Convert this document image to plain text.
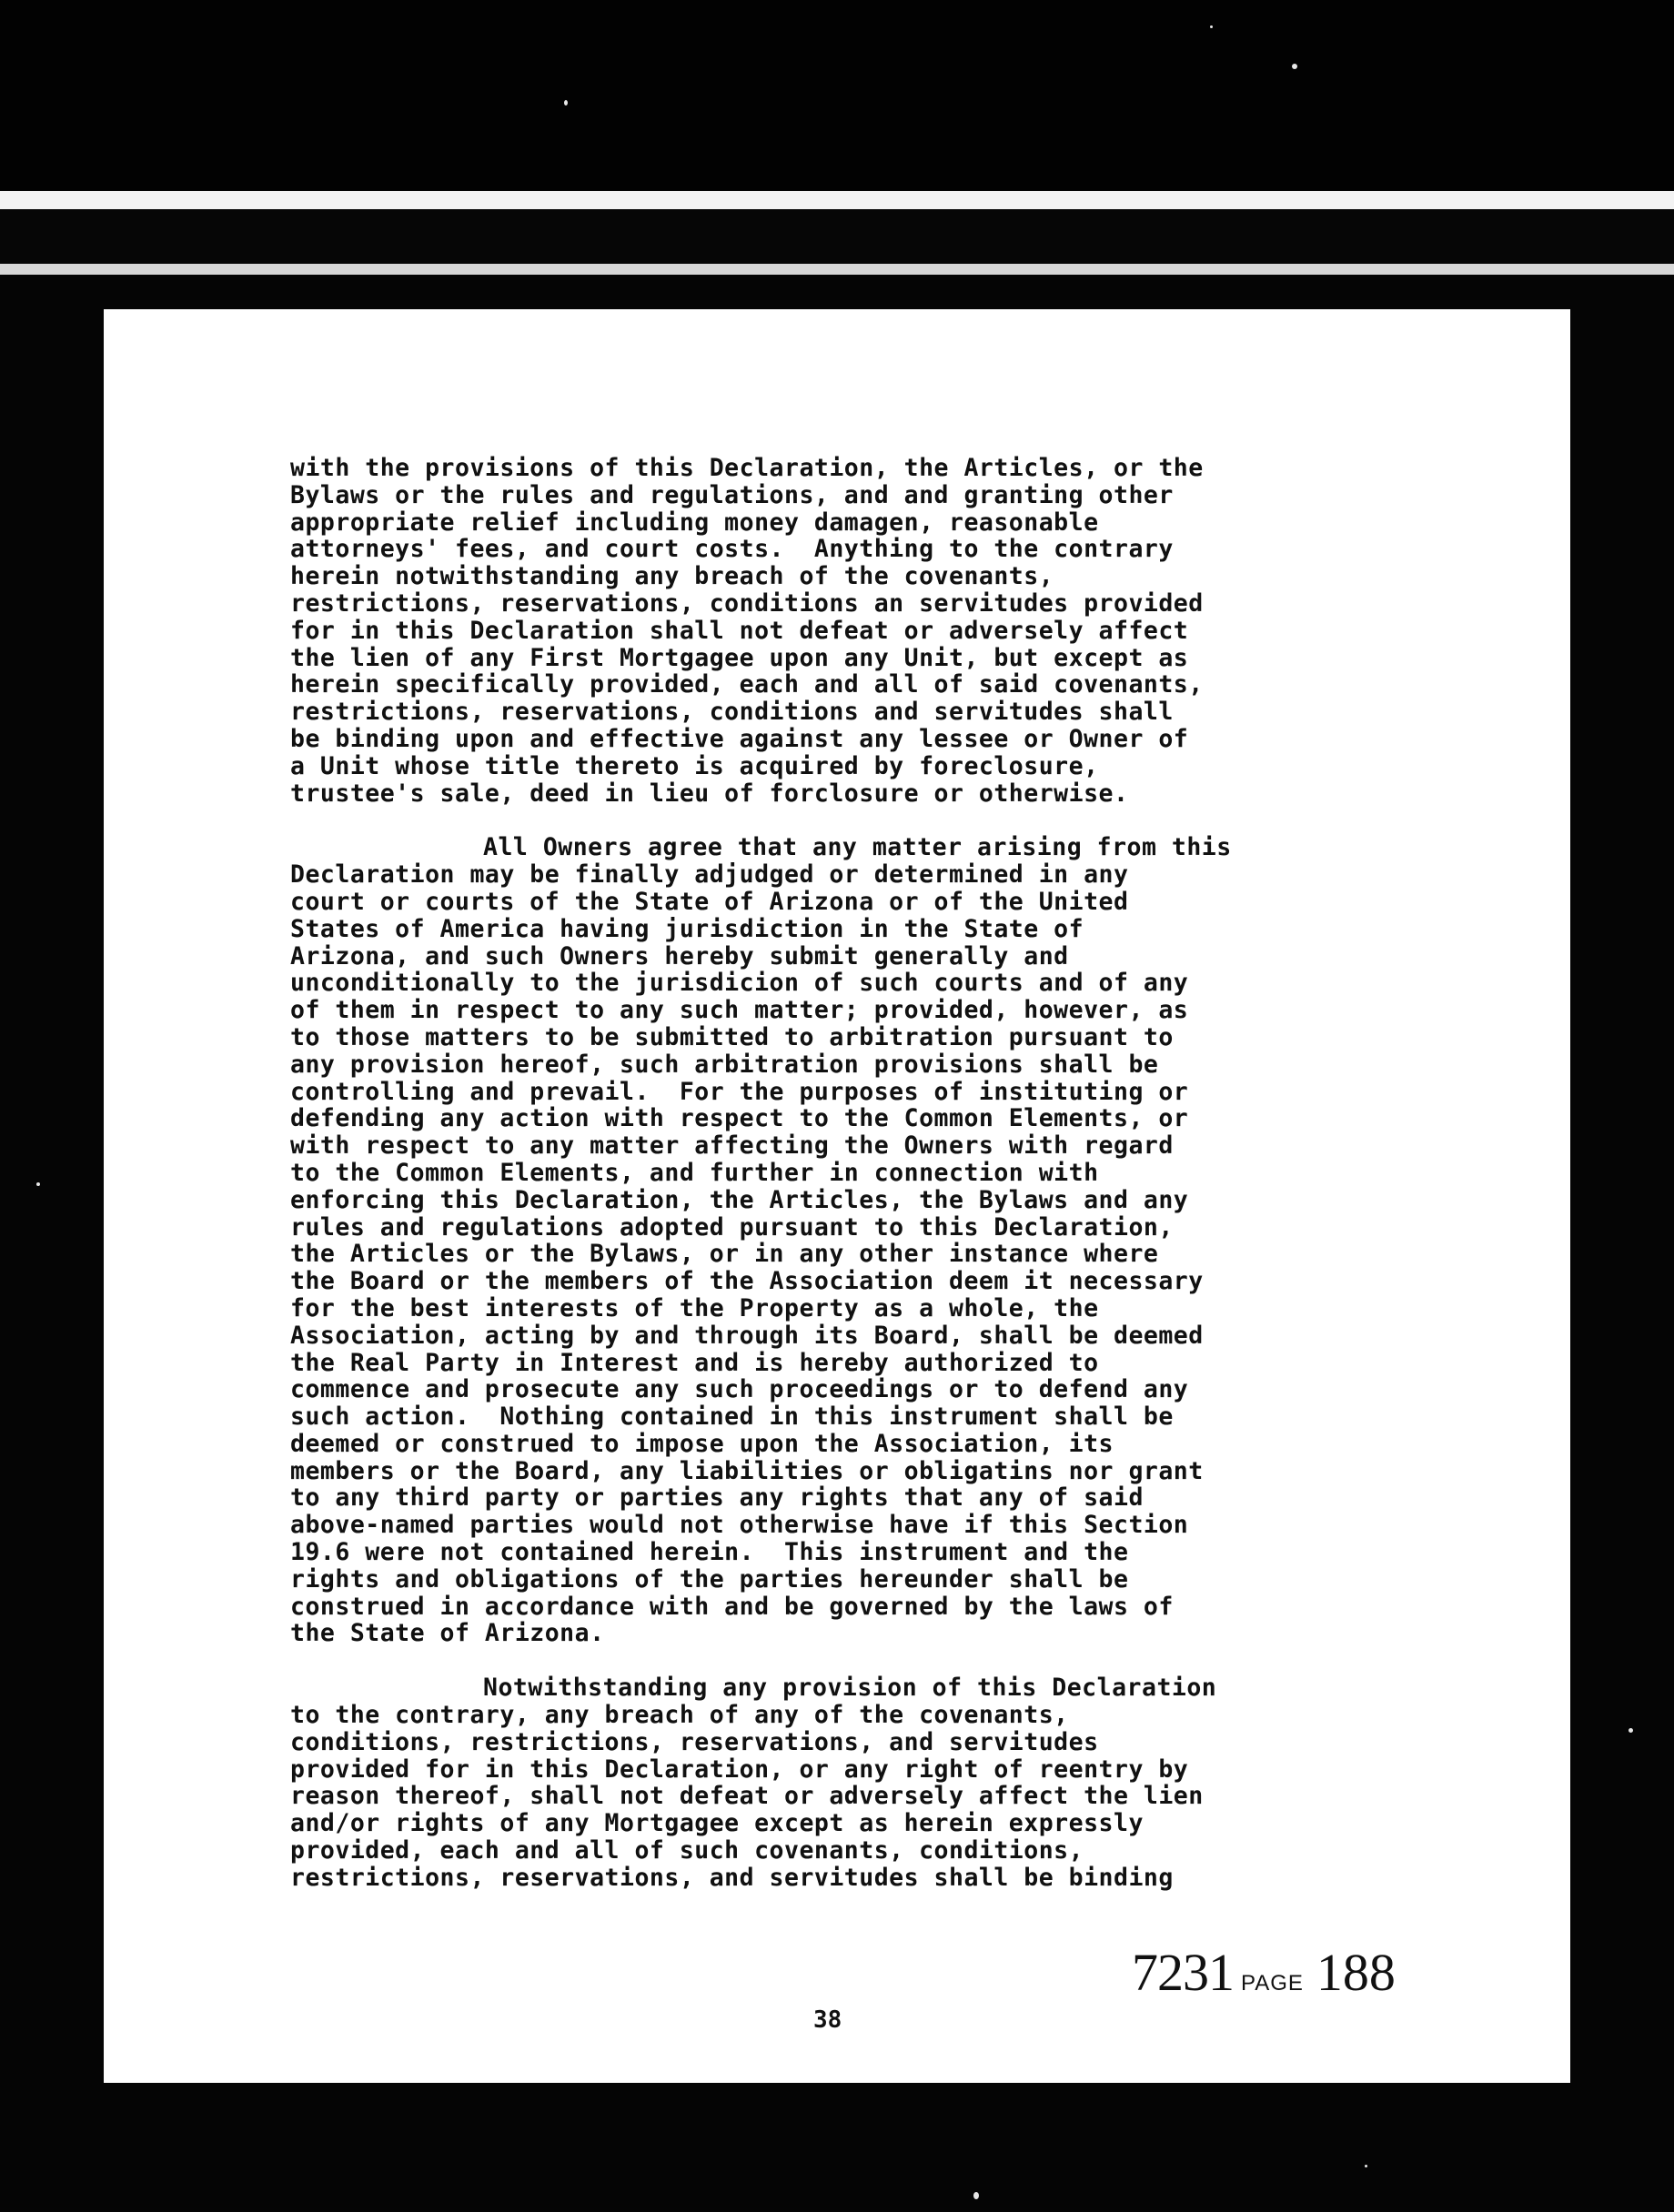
with the provisions of this Declaration, the Articles, or the
Bylaws or the rules and regulations, and and granting other
appropriate relief including money damagen, reasonable
attorneys' fees, and court costs.  Anything to the contrary
herein notwithstanding any breach of the covenants,
restrictions, reservations, conditions an servitudes provided
for in this Declaration shall not defeat or adversely affect
the lien of any First Mortgagee upon any Unit, but except as
herein specifically provided, each and all of said covenants,
restrictions, reservations, conditions and servitudes shall
be binding upon and effective against any lessee or Owner of
a Unit whose title thereto is acquired by foreclosure,
trustee's sale, deed in lieu of forclosure or otherwise.
All Owners agree that any matter arising from this
Declaration may be finally adjudged or determined in any
court or courts of the State of Arizona or of the United
States of America having jurisdiction in the State of
Arizona, and such Owners hereby submit generally and
unconditionally to the jurisdicion of such courts and of any
of them in respect to any such matter; provided, however, as
to those matters to be submitted to arbitration pursuant to
any provision hereof, such arbitration provisions shall be
controlling and prevail.  For the purposes of instituting or
defending any action with respect to the Common Elements, or
with respect to any matter affecting the Owners with regard
to the Common Elements, and further in connection with
enforcing this Declaration, the Articles, the Bylaws and any
rules and regulations adopted pursuant to this Declaration,
the Articles or the Bylaws, or in any other instance where
the Board or the members of the Association deem it necessary
for the best interests of the Property as a whole, the
Association, acting by and through its Board, shall be deemed
the Real Party in Interest and is hereby authorized to
commence and prosecute any such proceedings or to defend any
such action.  Nothing contained in this instrument shall be
deemed or construed to impose upon the Association, its
members or the Board, any liabilities or obligatins nor grant
to any third party or parties any rights that any of said
above-named parties would not otherwise have if this Section
19.6 were not contained herein.  This instrument and the
rights and obligations of the parties hereunder shall be
construed in accordance with and be governed by the laws of
the State of Arizona.
Notwithstanding any provision of this Declaration
to the contrary, any breach of any of the covenants,
conditions, restrictions, reservations, and servitudes
provided for in this Declaration, or any right of reentry by
reason thereof, shall not defeat or adversely affect the lien
and/or rights of any Mortgagee except as herein expressly
provided, each and all of such covenants, conditions,
restrictions, reservations, and servitudes shall be binding
7231 PAGE 188
38
